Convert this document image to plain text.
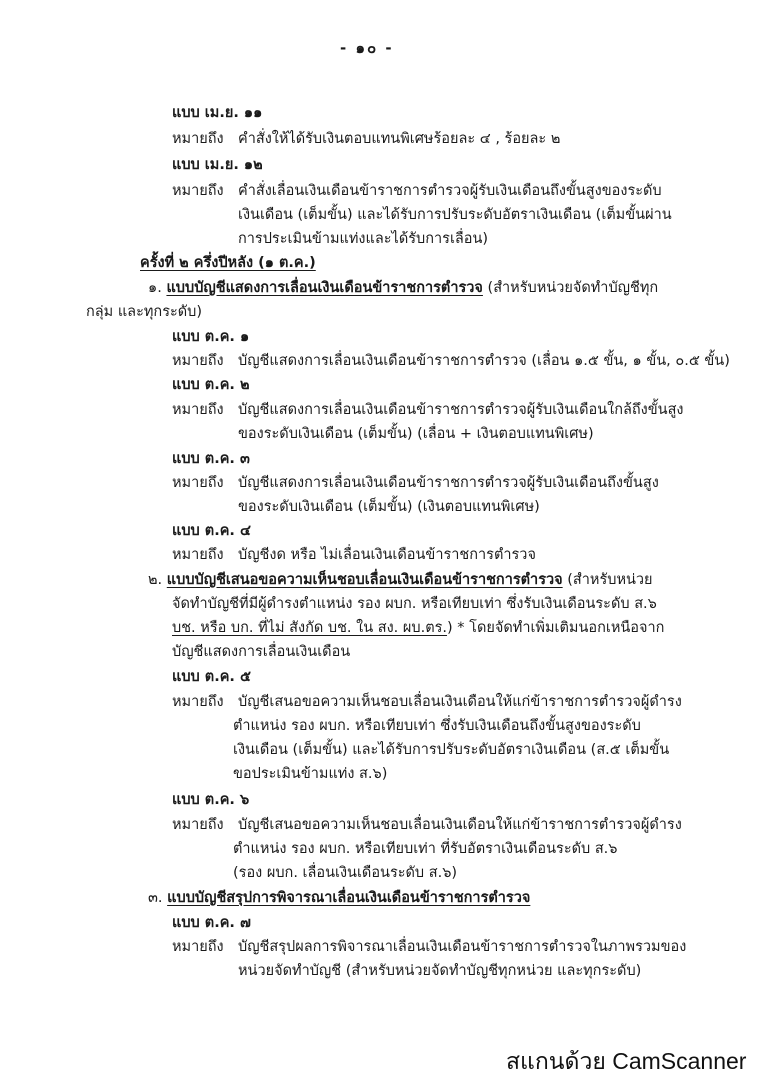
- ๑๐ -
แบบ เม.ย. ๑๑
หมายถึง คำสั่งให้ได้รับเงินตอบแทนพิเศษร้อยละ ๔ , ร้อยละ ๒
แบบ เม.ย. ๑๒
หมายถึง คำสั่งเลื่อนเงินเดือนข้าราชการตำรวจผู้รับเงินเดือนถึงขั้นสูงของระดับ
เงินเดือน (เต็มขั้น) และได้รับการปรับระดับอัตราเงินเดือน (เต็มขั้นผ่าน
การประเมินข้ามแท่งและได้รับการเลื่อน)
ครั้งที่ ๒ ครึ่งปีหลัง (๑ ต.ค.)
๑. แบบบัญชีแสดงการเลื่อนเงินเดือนข้าราชการตำรวจ (สำหรับหน่วยจัดทำบัญชีทุก
กลุ่ม และทุกระดับ)
แบบ ต.ค. ๑
หมายถึง บัญชีแสดงการเลื่อนเงินเดือนข้าราชการตำรวจ (เลื่อน ๑.๕ ขั้น, ๑ ขั้น, ๐.๕ ขั้น)
แบบ ต.ค. ๒
หมายถึง บัญชีแสดงการเลื่อนเงินเดือนข้าราชการตำรวจผู้รับเงินเดือนใกล้ถึงขั้นสูง
ของระดับเงินเดือน (เต็มขั้น) (เลื่อน + เงินตอบแทนพิเศษ)
แบบ ต.ค. ๓
หมายถึง บัญชีแสดงการเลื่อนเงินเดือนข้าราชการตำรวจผู้รับเงินเดือนถึงขั้นสูง
ของระดับเงินเดือน (เต็มขั้น) (เงินตอบแทนพิเศษ)
แบบ ต.ค. ๔
หมายถึง บัญชีงด หรือ ไม่เลื่อนเงินเดือนข้าราชการตำรวจ
๒. แบบบัญชีเสนอขอความเห็นชอบเลื่อนเงินเดือนข้าราชการตำรวจ (สำหรับหน่วย
จัดทำบัญชีที่มีผู้ดำรงตำแหน่ง รอง ผบก. หรือเทียบเท่า ซึ่งรับเงินเดือนระดับ ส.๖
บช. หรือ บก. ที่ไม่ สังกัด บช. ใน สง. ผบ.ตร.) * โดยจัดทำเพิ่มเติมนอกเหนือจาก
บัญชีแสดงการเลื่อนเงินเดือน
แบบ ต.ค. ๕
หมายถึง บัญชีเสนอขอความเห็นชอบเลื่อนเงินเดือนให้แก่ข้าราชการตำรวจผู้ดำรง
ตำแหน่ง รอง ผบก. หรือเทียบเท่า ซึ่งรับเงินเดือนถึงขั้นสูงของระดับ
เงินเดือน (เต็มขั้น) และได้รับการปรับระดับอัตราเงินเดือน (ส.๕ เต็มขั้น
ขอประเมินข้ามแท่ง ส.๖)
แบบ ต.ค. ๖
หมายถึง บัญชีเสนอขอความเห็นชอบเลื่อนเงินเดือนให้แก่ข้าราชการตำรวจผู้ดำรง
ตำแหน่ง รอง ผบก. หรือเทียบเท่า ที่รับอัตราเงินเดือนระดับ ส.๖
(รอง ผบก. เลื่อนเงินเดือนระดับ ส.๖)
๓. แบบบัญชีสรุปการพิจารณาเลื่อนเงินเดือนข้าราชการตำรวจ
แบบ ต.ค. ๗
หมายถึง บัญชีสรุปผลการพิจารณาเลื่อนเงินเดือนข้าราชการตำรวจในภาพรวมของ
หน่วยจัดทำบัญชี (สำหรับหน่วยจัดทำบัญชีทุกหน่วย และทุกระดับ)
สแกนด้วย CamScanner
